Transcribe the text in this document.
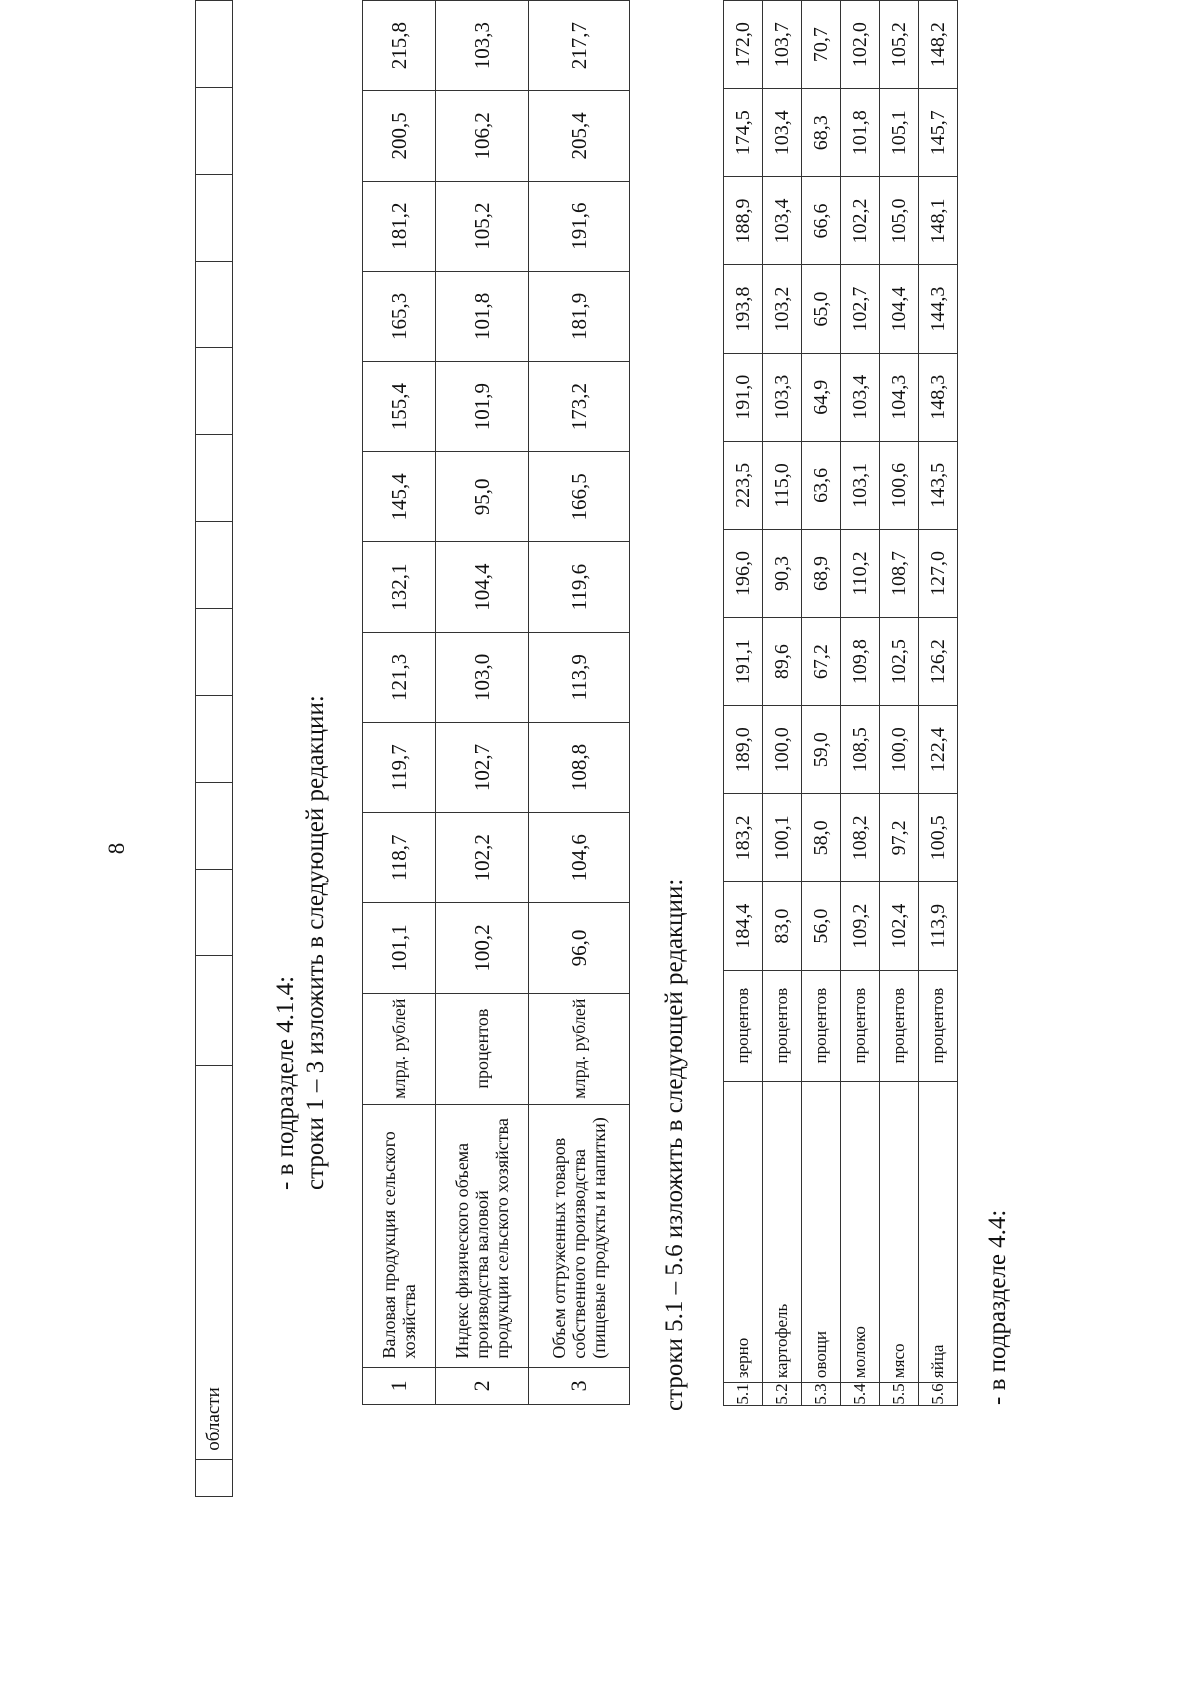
8
	области												
- в подразделе 4.1.4: строки 1 – 3 изложить в следующей редакции:
1	Валовая продукция сельского хозяйства	млрд. рублей	101,1	118,7	119,7	121,3	132,1	145,4	155,4	165,3	181,2	200,5	215,8
2	Индекс физического объема производства валовой продукции сельского хозяйства	процентов	100,2	102,2	102,7	103,0	104,4	95,0	101,9	101,8	105,2	106,2	103,3
3	Объем отгруженных товаров собственного производства (пищевые продукты и напитки)	млрд. рублей	96,0	104,6	108,8	113,9	119,6	166,5	173,2	181,9	191,6	205,4	217,7
строки 5.1 – 5.6 изложить в следующей редакции:	5.1	зерно	процентов	184,4	183,2	189,0	191,1	196,0	223,5	191,0	193,8	188,9	174,5	172,0
5.2	картофель	процентов	83,0	100,1	100,0	89,6	90,3	115,0	103,3	103,2	103,4	103,4	103,7
5.3	овощи	процентов	56,0	58,0	59,0	67,2	68,9	63,6	64,9	65,0	66,6	68,3	70,7
5.4	молоко	процентов	109,2	108,2	108,5	109,8	110,2	103,1	103,4	102,7	102,2	101,8	102,0
5.5	мясо	процентов	102,4	97,2	100,0	102,5	108,7	100,6	104,3	104,4	105,0	105,1	105,2
5.6	яйца	процентов	113,9	100,5	122,4	126,2	127,0	143,5	148,3	144,3	148,1	145,7	148,2
- в подразделе 4.4:
